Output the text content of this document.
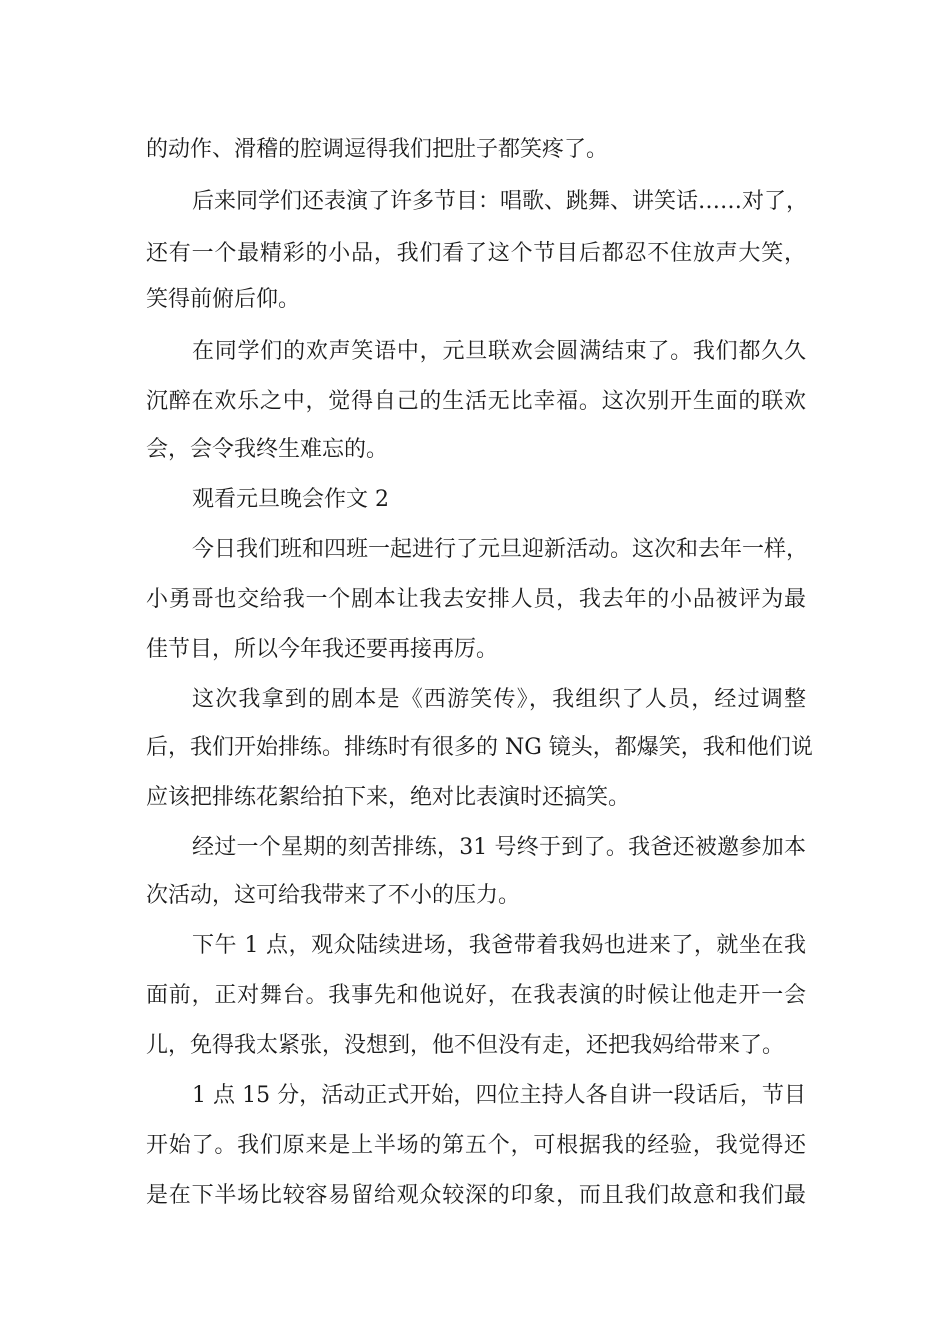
的动作、滑稽的腔调逗得我们把肚子都笑疼了。
后来同学们还表演了许多节目：唱歌、跳舞、讲笑话……对了，
还有一个最精彩的小品，我们看了这个节目后都忍不住放声大笑，
笑得前俯后仰。
在同学们的欢声笑语中，元旦联欢会圆满结束了。我们都久久
沉醉在欢乐之中，觉得自己的生活无比幸福。这次别开生面的联欢
会，会令我终生难忘的。
观看元旦晚会作文 2
今日我们班和四班一起进行了元旦迎新活动。这次和去年一样，
小勇哥也交给我一个剧本让我去安排人员，我去年的小品被评为最
佳节目，所以今年我还要再接再厉。
这次我拿到的剧本是《西游笑传》，我组织了人员，经过调整
后，我们开始排练。排练时有很多的 NG 镜头，都爆笑，我和他们说
应该把排练花絮给拍下来，绝对比表演时还搞笑。
经过一个星期的刻苦排练，31 号终于到了。我爸还被邀参加本
次活动，这可给我带来了不小的压力。
下午 1 点，观众陆续进场，我爸带着我妈也进来了，就坐在我
面前，正对舞台。我事先和他说好，在我表演的时候让他走开一会
儿，免得我太紧张，没想到，他不但没有走，还把我妈给带来了。
1 点 15 分，活动正式开始，四位主持人各自讲一段话后，节目
开始了。我们原来是上半场的第五个，可根据我的经验，我觉得还
是在下半场比较容易留给观众较深的印象，而且我们故意和我们最
